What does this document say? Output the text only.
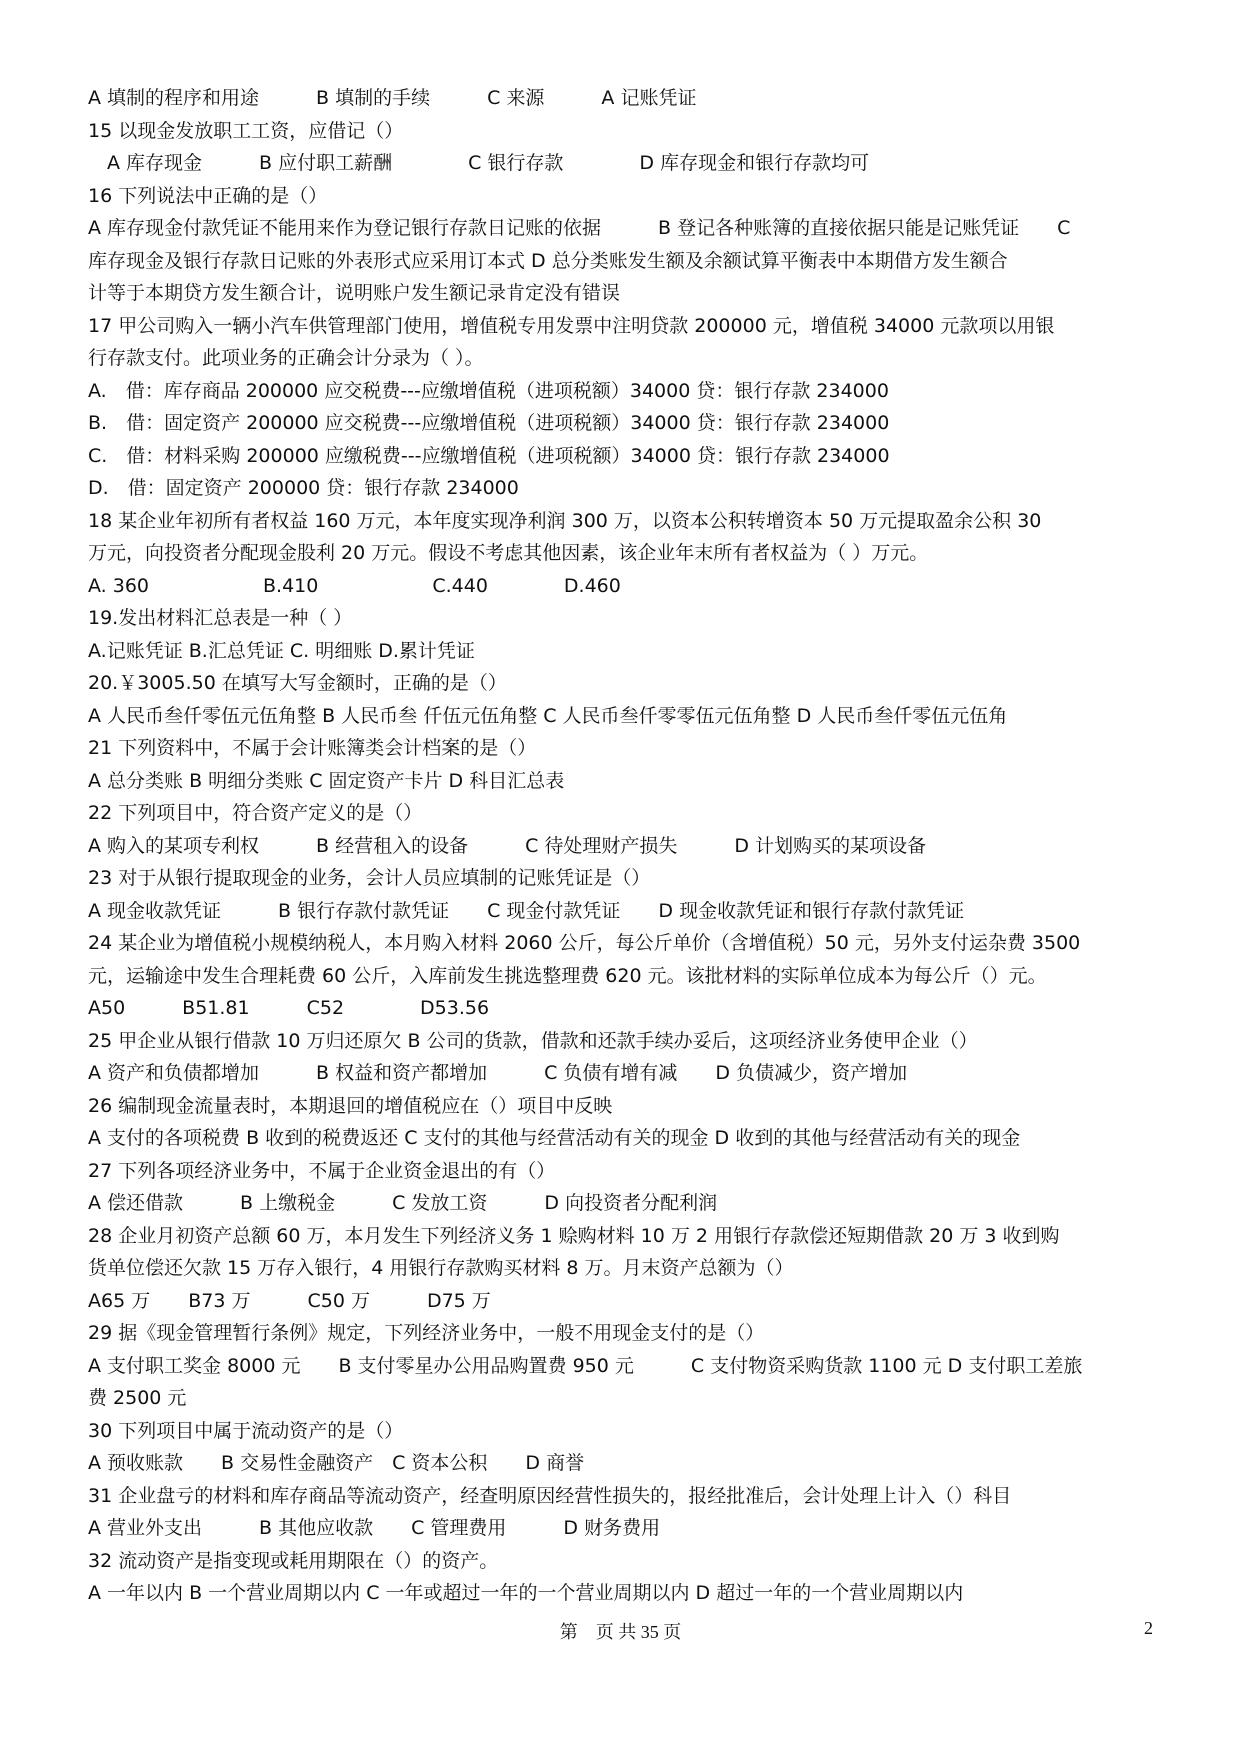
A 填制的程序和用途　　　B 填制的手续　　　C 来源　　　A 记账凭证
15 以现金发放职工工资，应借记（）
　A 库存现金　　　B 应付职工薪酬　　　　C 银行存款　　　　D 库存现金和银行存款均可
16 下列说法中正确的是（）
A 库存现金付款凭证不能用来作为登记银行存款日记账的依据　　　B 登记各种账簿的直接依据只能是记账凭证　　C
库存现金及银行存款日记账的外表形式应采用订本式 D 总分类账发生额及余额试算平衡表中本期借方发生额合
计等于本期贷方发生额合计，说明账户发生额记录肯定没有错误
17 甲公司购入一辆小汽车供管理部门使用，增值税专用发票中注明贷款 200000 元，增值税 34000 元款项以用银
行存款支付。此项业务的正确会计分录为（ ）。
A.　借：库存商品 200000 应交税费---应缴增值税（进项税额）34000 贷：银行存款 234000
B.　借：固定资产 200000 应交税费---应缴增值税（进项税额）34000 贷：银行存款 234000
C.　借：材料采购 200000 应缴税费---应缴增值税（进项税额）34000 贷：银行存款 234000
D.　借：固定资产 200000 贷：银行存款 234000
18 某企业年初所有者权益 160 万元，本年度实现净利润 300 万，以资本公积转增资本 50 万元提取盈余公积 30
万元，向投资者分配现金股利 20 万元。假设不考虑其他因素，该企业年末所有者权益为（ ）万元。
A. 360　　　　　　B.410　　　　　　C.440　　　　D.460
19.发出材料汇总表是一种（ ）
A.记账凭证 B.汇总凭证 C. 明细账 D.累计凭证
20.￥3005.50 在填写大写金额时，正确的是（）
A 人民币叁仟零伍元伍角整 B 人民币叁 仟伍元伍角整 C 人民币叁仟零零伍元伍角整 D 人民币叁仟零伍元伍角
21 下列资料中，不属于会计账簿类会计档案的是（）
A 总分类账 B 明细分类账 C 固定资产卡片 D 科目汇总表
22 下列项目中，符合资产定义的是（）
A 购入的某项专利权　　　B 经营租入的设备　　　C 待处理财产损失　　　D 计划购买的某项设备
23 对于从银行提取现金的业务，会计人员应填制的记账凭证是（）
A 现金收款凭证　　　B 银行存款付款凭证　　C 现金付款凭证　　D 现金收款凭证和银行存款付款凭证
24 某企业为增值税小规模纳税人，本月购入材料 2060 公斤，每公斤单价（含增值税）50 元，另外支付运杂费 3500
元，运输途中发生合理耗费 60 公斤，入库前发生挑选整理费 620 元。该批材料的实际单位成本为每公斤（）元。
A50　　　B51.81　　　C52　　　　D53.56
25 甲企业从银行借款 10 万归还原欠 B 公司的货款，借款和还款手续办妥后，这项经济业务使甲企业（）
A 资产和负债都增加　　　B 权益和资产都增加　　　C 负债有增有减　　D 负债减少，资产增加
26 编制现金流量表时，本期退回的增值税应在（）项目中反映
A 支付的各项税费 B 收到的税费返还 C 支付的其他与经营活动有关的现金 D 收到的其他与经营活动有关的现金
27 下列各项经济业务中，不属于企业资金退出的有（）
A 偿还借款　　　B 上缴税金　　　C 发放工资　　　D 向投资者分配利润
28 企业月初资产总额 60 万，本月发生下列经济义务 1 赊购材料 10 万 2 用银行存款偿还短期借款 20 万 3 收到购
货单位偿还欠款 15 万存入银行，4 用银行存款购买材料 8 万。月末资产总额为（）
A65 万　　B73 万　　　C50 万　　　D75 万
29 据《现金管理暂行条例》规定，下列经济业务中，一般不用现金支付的是（）
A 支付职工奖金 8000 元　　B 支付零星办公用品购置费 950 元　　　C 支付物资采购货款 1100 元 D 支付职工差旅
费 2500 元
30 下列项目中属于流动资产的是（）
A 预收账款　　B 交易性金融资产　C 资本公积　　D 商誉
31 企业盘亏的材料和库存商品等流动资产，经查明原因经营性损失的，报经批准后，会计处理上计入（）科目
A 营业外支出　　　B 其他应收款　　C 管理费用　　　D 财务费用
32 流动资产是指变现或耗用期限在（）的资产。
A 一年以内 B 一个营业周期以内 C 一年或超过一年的一个营业周期以内 D 超过一年的一个营业周期以内
第　页 共 35 页	2
